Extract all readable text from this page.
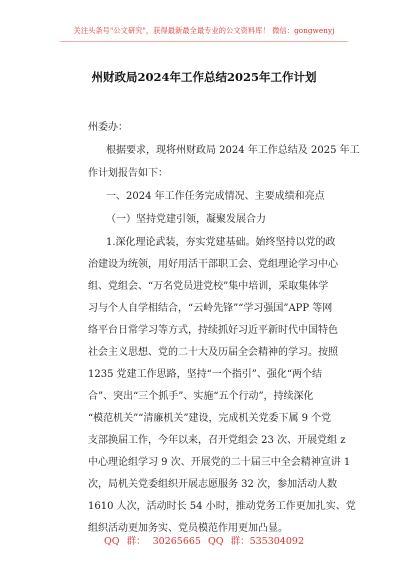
关注头条号"公文研究"，获得最新最全最专业的公文资料库！ 微信：gongwenyj
州财政局2024年工作总结2025年工作计划
州委办：
根据要求，现将州财政局 2024 年工作总结及 2025 年工
作计划报告如下：
一、2024 年工作任务完成情况、主要成绩和亮点
（一）坚持党建引领，凝聚发展合力
1.深化理论武装，夯实党建基础。始终坚持以党的政
治建设为统领，用好用活干部职工会、党组理论学习中心
组、党组会、“万名党员进党校”集中培训，采取集体学
习与个人自学相结合，“云岭先锋”“学习强国”APP 等网
络平台日常学习等方式，持续抓好习近平新时代中国特色
社会主义思想、党的二十大及历届全会精神的学习。按照
1235 党建工作思路，坚持“一个指引”、强化“两个结
合”、突出“三个抓手”、实施“五个行动”，持续深化
“模范机关”“清廉机关”建设，完成机关党委下属 9 个党
支部换届工作，今年以来，召开党组会 23 次、开展党组 z
中心理论组学习 9 次、开展党的二十届三中全会精神宣讲 1
次，局机关党委组织开展志愿服务 32 次，参加活动人数
1610 人次，活动时长 54 小时，推动党务工作更加扎实、党
组织活动更加务实、党员模范作用更加凸显。
QQ 群： 30265665 QQ 群：535304092
